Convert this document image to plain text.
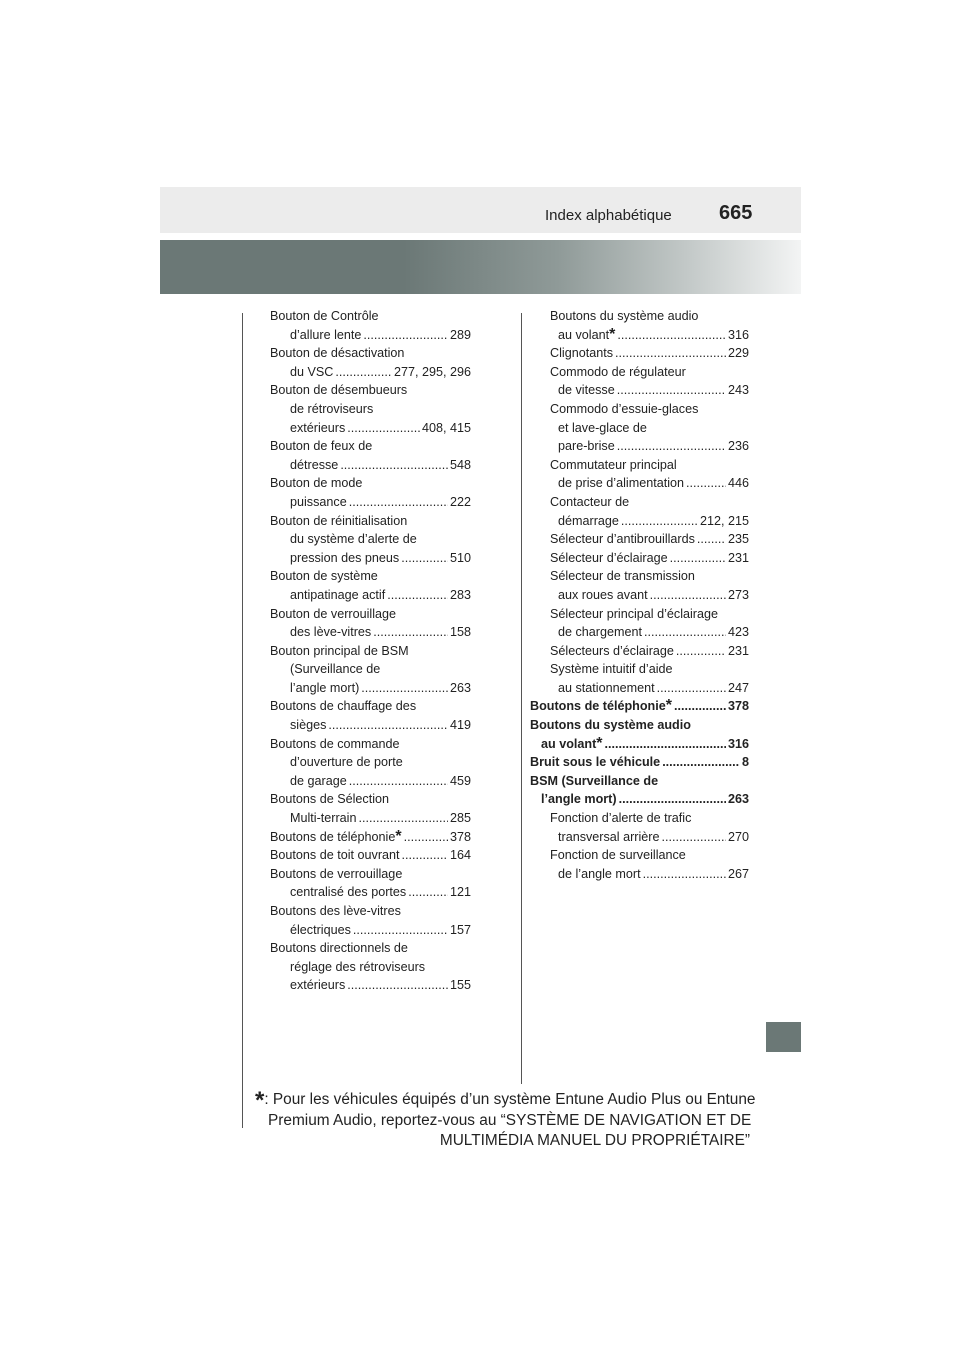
Index alphabétique 665
Bouton de Contrôle
d’allure lente .....	289
Bouton de désactivation
du VSC .....	277, 295, 296
Bouton de désembueurs
de rétroviseurs
extérieurs .....	408, 415
Bouton de feux de
détresse .....	548
Bouton de mode
puissance .....	222
Bouton de réinitialisation
du système d’alerte de
pression des pneus .....	510
Bouton de système
antipatinage actif .....	283
Bouton de verrouillage
des lève-vitres .....	158
Bouton principal de BSM
(Surveillance de
l’angle mort) .....	263
Boutons de chauffage des
sièges .....	419
Boutons de commande
d’ouverture de porte
de garage .....	459
Boutons de Sélection
Multi-terrain .....	285
Boutons de téléphonie * .....	378
Boutons de toit ouvrant .....	164
Boutons de verrouillage
centralisé des portes .....	121
Boutons des lève-vitres
électriques .....	157
Boutons directionnels de
réglage des rétroviseurs
extérieurs .....	155
Boutons du système audio
au volant * .....	316
Clignotants .....	229
Commodo de régulateur
de vitesse .....	243
Commodo d’essuie-glaces
et lave-glace de
pare-brise .....	236
Commutateur principal
de prise d’alimentation .....	446
Contacteur de
démarrage .....	212, 215
Sélecteur d’antibrouillards .....	235
Sélecteur d’éclairage .....	231
Sélecteur de transmission
aux roues avant .....	273
Sélecteur principal d’éclairage
de chargement .....	423
Sélecteurs d’éclairage .....	231
Système intuitif d’aide
au stationnement .....	247
Boutons de téléphonie * .....	378
Boutons du système audio
au volant * .....	316
Bruit sous le véhicule .....	8
BSM (Surveillance de
l’angle mort) .....	263
Fonction d’alerte de trafic
transversal arrière .....	270
Fonction de surveillance
de l’angle mort .....	267
*: Pour les véhicules équipés d’un système Entune Audio Plus ou Entune
Premium Audio, reportez-vous au “SYSTÈME DE NAVIGATION ET DE
MULTIMÉDIA MANUEL DU PROPRIÉTAIRE”
